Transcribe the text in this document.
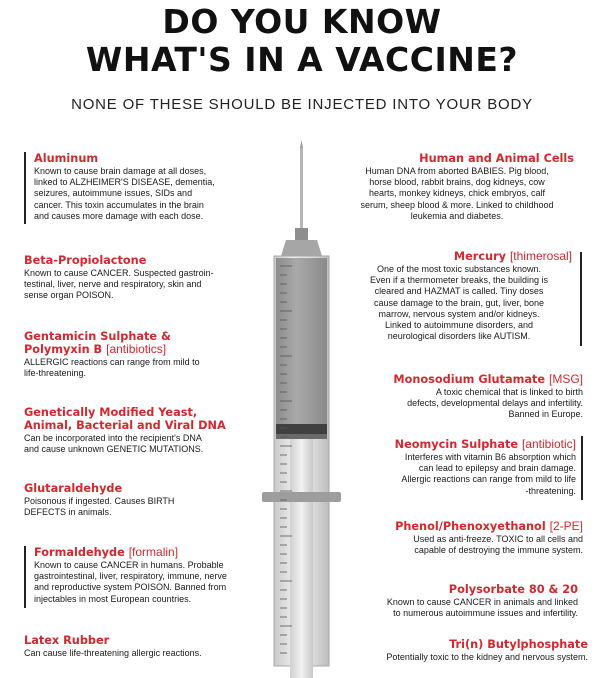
DO YOU KNOW
WHAT'S IN A VACCINE?
NONE OF THESE SHOULD BE INJECTED INTO YOUR BODY
Aluminum
Known to cause brain damage at all doses,
linked to ALZHEIMER'S DISEASE, dementia,
seizures, autoimmune issues, SIDs and
cancer. This toxin accumulates in the brain
and causes more damage with each dose.
Beta-Propiolactone
Known to cause CANCER. Suspected gastroin-
testinal, liver, nerve and respiratory, skin and
sense organ POISON.
Gentamicin Sulphate &
Polymyxin B [antibiotics]
ALLERGIC reactions can range from mild to
life-threatening.
Genetically Modified Yeast,
Animal, Bacterial and Viral DNA
Can be incorporated into the recipient's DNA
and cause unknown GENETIC MUTATIONS.
Glutaraldehyde
Poisonous if ingested. Causes BIRTH
DEFECTS in animals.
Formaldehyde [formalin]
Known to cause CANCER in humans. Probable
gastrointestinal, liver, respiratory, immune, nerve
and reproductive system POISON. Banned from
injectables in most European countries.
Latex Rubber
Can cause life-threatening allergic reactions.
Human and Animal Cells
Human DNA from aborted BABIES. Pig blood,
horse blood, rabbit brains, dog kidneys, cow
hearts, monkey kidneys, chick embryos, calf
serum, sheep blood & more. Linked to childhood
leukemia and diabetes.
Mercury [thimerosal]
One of the most toxic substances known.
Even if a thermometer breaks, the building is
cleared and HAZMAT is called. Tiny doses
cause damage to the brain, gut, liver, bone
marrow, nervous system and/or kidneys.
Linked to autoimmune disorders, and
neurological disorders like AUTISM.
Monosodium Glutamate [MSG]
A toxic chemical that is linked to birth
defects, developmental delays and infertility.
Banned in Europe.
Neomycin Sulphate [antibiotic]
Interferes with vitamin B6 absorption which
can lead to epilepsy and brain damage.
Allergic reactions can range from mild to life
-threatening.
Phenol/Phenoxyethanol [2-PE]
Used as anti-freeze. TOXIC to all cells and
capable of destroying the immune system.
Polysorbate 80 & 20
Known to cause CANCER in animals and linked
to numerous autoimmune issues and infertility.
Tri(n) Butylphosphate
Potentially toxic to the kidney and nervous system.
